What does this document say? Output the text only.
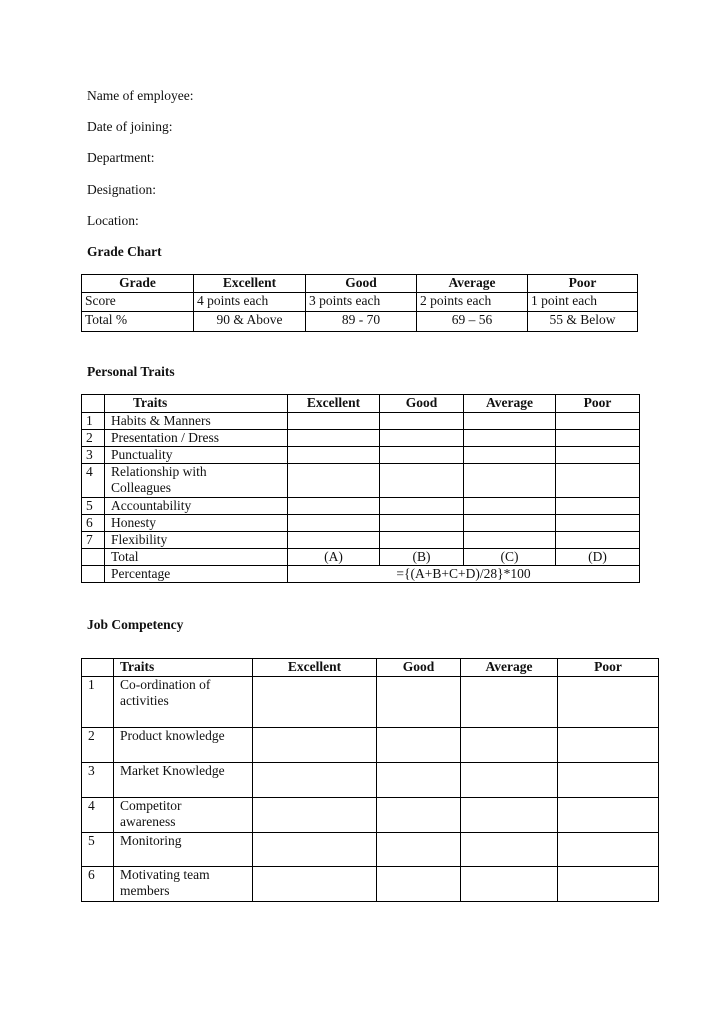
Name of employee:

Date of joining:

Department:

Designation:

Location:

Grade Chart

Grade	Excellent	Good	Average	Poor
Score	4 points each	3 points each	2 points each	1 point each
Total %	90 & Above	89 - 70	69 – 56	55 & Below

Personal Traits

	Traits	Excellent	Good	Average	Poor
1	Habits & Manners				
2	Presentation / Dress				
3	Punctuality				
4	Relationship with Colleagues				
5	Accountability				
6	Honesty				
7	Flexibility				
	Total	(A)	(B)	(C)	(D)
	Percentage	={(A+B+C+D)/28}*100			

Job Competency

	Traits	Excellent	Good	Average	Poor
1	Co-ordination of activities				
2	Product knowledge				
3	Market Knowledge				
4	Competitor awareness				
5	Monitoring				
6	Motivating team members				
